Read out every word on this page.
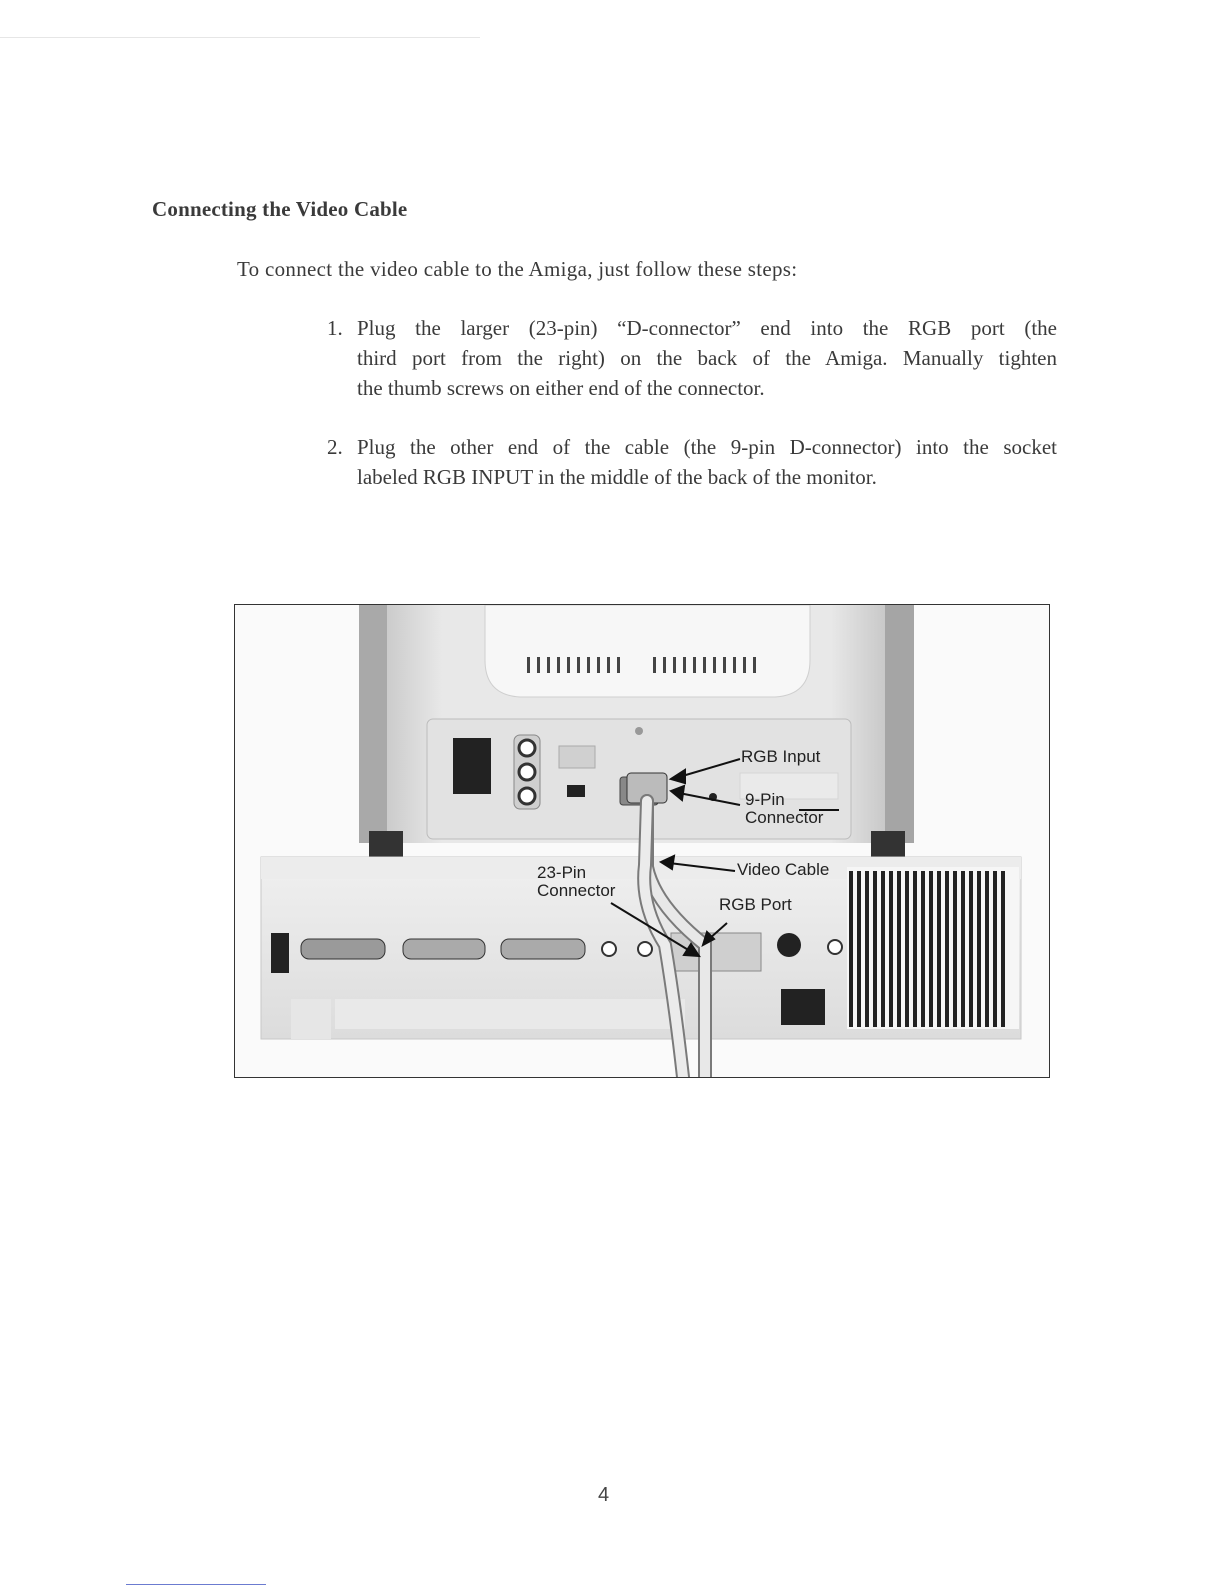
Connecting the Video Cable
To connect the video cable to the Amiga, just follow these steps:
1. Plug the larger (23-pin) “D-connector” end into the RGB port (the
third port from the right) on the back of the Amiga. Manually tighten
the thumb screws on either end of the connector.
2. Plug the other end of the cable (the 9-pin D-connector) into the socket
labeled RGB INPUT in the middle of the back of the monitor.
RGB Input
9-Pin
Connector
Video Cable
23-Pin
Connector
RGB Port
4
